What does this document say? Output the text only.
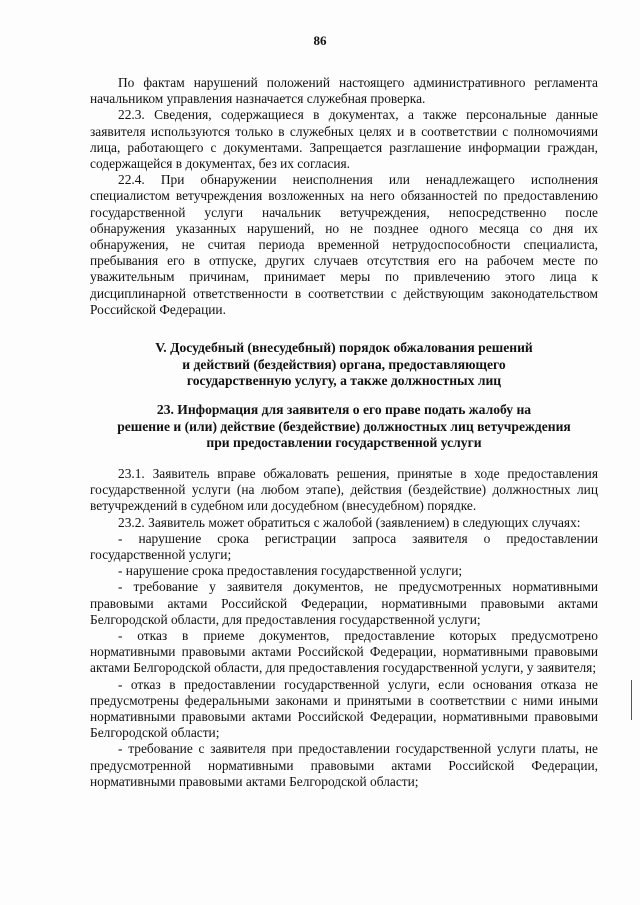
86

По фактам нарушений положений настоящего административного регламента начальником управления назначается служебная проверка.

22.3. Сведения, содержащиеся в документах, а также персональные данные заявителя используются только в служебных целях и в соответствии с полномочиями лица, работающего с документами. Запрещается разглашение информации граждан, содержащейся в документах, без их согласия.

22.4. При обнаружении неисполнения или ненадлежащего исполнения специалистом ветучреждения возложенных на него обязанностей по предоставлению государственной услуги начальник ветучреждения, непосредственно после обнаружения указанных нарушений, но не позднее одного месяца со дня их обнаружения, не считая периода временной нетрудоспособности специалиста, пребывания его в отпуске, других случаев отсутствия его на рабочем месте по уважительным причинам, принимает меры по привлечению этого лица к дисциплинарной ответственности в соответствии с действующим законодательством Российской Федерации.

V. Досудебный (внесудебный) порядок обжалования решений
и действий (бездействия) органа, предоставляющего
государственную услугу, а также должностных лиц
23. Информация для заявителя о его праве подать жалобу на
решение и (или) действие (бездействие) должностных лиц ветучреждения
при предоставлении государственной услуги

23.1. Заявитель вправе обжаловать решения, принятые в ходе предоставления государственной услуги (на любом этапе), действия (бездействие) должностных лиц ветучреждений в судебном или досудебном (внесудебном) порядке.

23.2. Заявитель может обратиться с жалобой (заявлением) в следующих случаях:

- нарушение срока регистрации запроса заявителя о предоставлении государственной услуги;

- нарушение срока предоставления государственной услуги;

- требование у заявителя документов, не предусмотренных нормативными правовыми актами Российской Федерации, нормативными правовыми актами Белгородской области, для предоставления государственной услуги;

- отказ в приеме документов, предоставление которых предусмотрено нормативными правовыми актами Российской Федерации, нормативными правовыми актами Белгородской области, для предоставления государственной услуги, у заявителя;

- отказ в предоставлении государственной услуги, если основания отказа не предусмотрены федеральными законами и принятыми в соответствии с ними иными нормативными правовыми актами Российской Федерации, нормативными правовыми Белгородской области;

- требование с заявителя при предоставлении государственной услуги платы, не предусмотренной нормативными правовыми актами Российской Федерации, нормативными правовыми актами Белгородской области;
